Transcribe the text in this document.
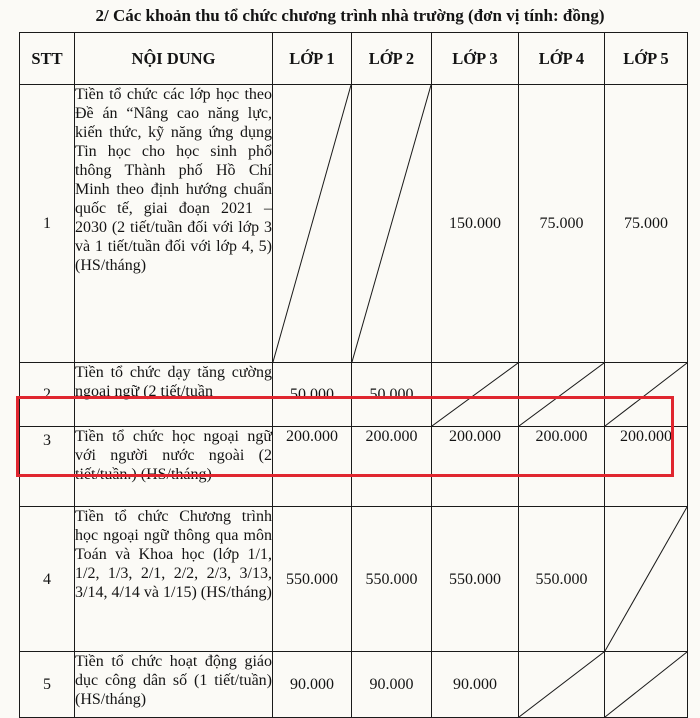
2/ Các khoản thu tổ chức chương trình nhà trường (đơn vị tính: đồng)
STT	NỘI DUNG	LỚP 1	LỚP 2	LỚP 3	LỚP 4	LỚP 5
1	Tiền tổ chức các lớp học theo Đề án “Nâng cao năng lực, kiến thức, kỹ năng ứng dụng Tin học cho học sinh phổ thông Thành phố Hồ Chí Minh theo định hướng chuẩn quốc tế, giai đoạn 2021 – 2030 (2 tiết/tuần đối với lớp 3 và 1 tiết/tuần đối với lớp 4, 5) (HS/tháng)			150.000	75.000	75.000
2	Tiền tổ chức dạy tăng cường ngoại ngữ (2 tiết/tuần	50.000	50.000	

3	Tiền tổ chức học ngoại ngữ với người nước ngoài (2 tiết/tuần.) (HS/tháng)	200.000	200.000	200.000	200.000	200.000
4	Tiền tổ chức Chương trình học ngoại ngữ thông qua môn Toán và Khoa học (lớp 1/1, 1/2, 1/3, 2/1, 2/2, 2/3, 3/13, 3/14, 4/14 và 1/15) (HS/tháng)	550.000	550.000	550.000	550.000	

5	Tiền tổ chức hoạt động giáo dục công dân số (1 tiết/tuần) (HS/tháng)	90.000	90.000	90.000	
